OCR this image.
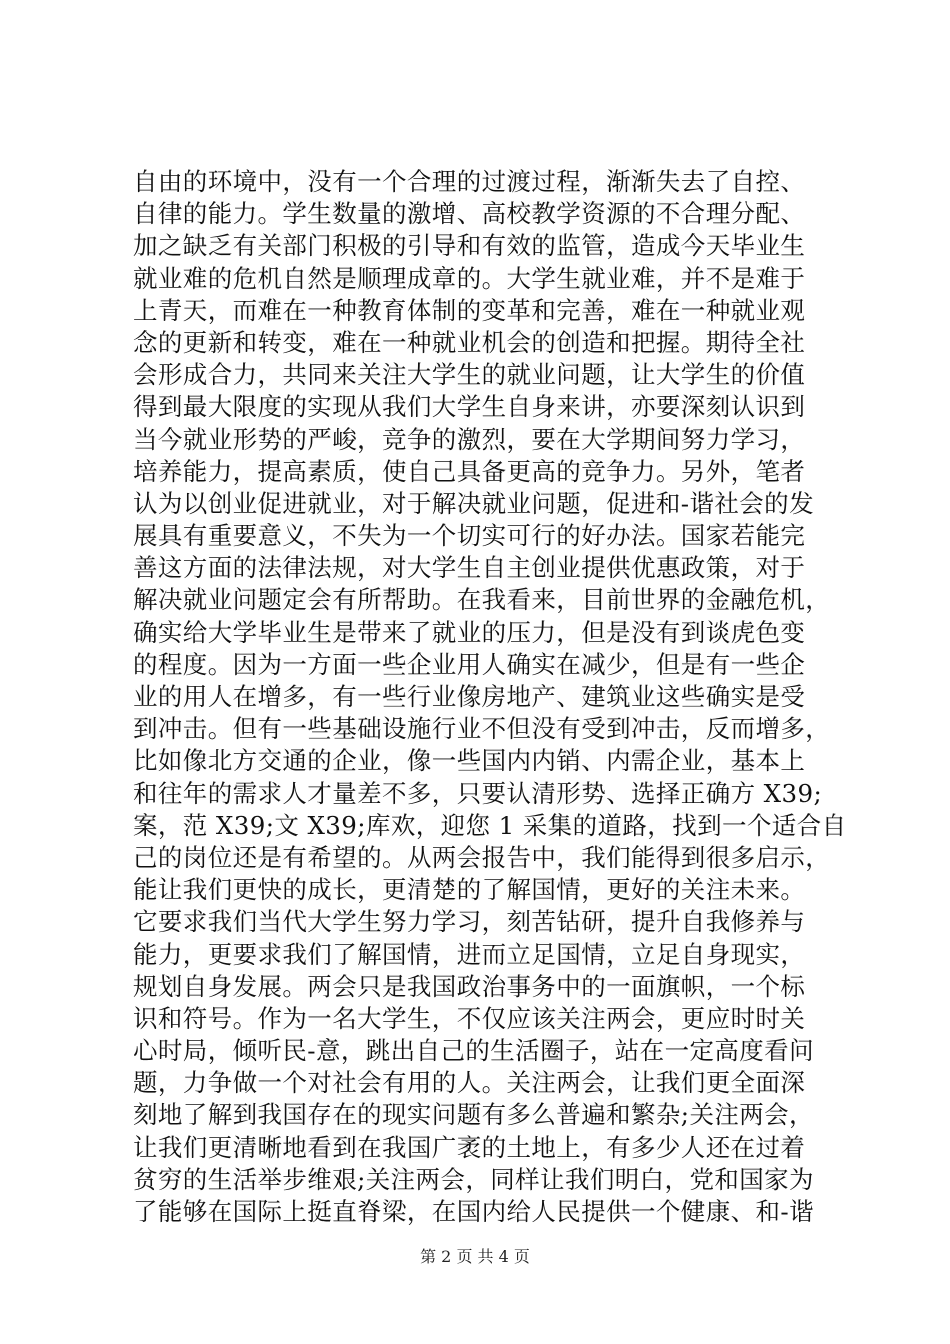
自由的环境中，没有一个合理的过渡过程，渐渐失去了自控、
自律的能力。学生数量的激增、高校教学资源的不合理分配、
加之缺乏有关部门积极的引导和有效的监管，造成今天毕业生
就业难的危机自然是顺理成章的。大学生就业难，并不是难于
上青天，而难在一种教育体制的变革和完善，难在一种就业观
念的更新和转变，难在一种就业机会的创造和把握。期待全社
会形成合力，共同来关注大学生的就业问题，让大学生的价值
得到最大限度的实现从我们大学生自身来讲，亦要深刻认识到
当今就业形势的严峻，竞争的激烈，要在大学期间努力学习，
培养能力，提高素质，使自己具备更高的竞争力。另外，笔者
认为以创业促进就业，对于解决就业问题，促进和-谐社会的发
展具有重要意义，不失为一个切实可行的好办法。国家若能完
善这方面的法律法规，对大学生自主创业提供优惠政策，对于
解决就业问题定会有所帮助。在我看来，目前世界的金融危机，
确实给大学毕业生是带来了就业的压力，但是没有到谈虎色变
的程度。因为一方面一些企业用人确实在减少，但是有一些企
业的用人在增多，有一些行业像房地产、建筑业这些确实是受
到冲击。但有一些基础设施行业不但没有受到冲击，反而增多，
比如像北方交通的企业，像一些国内内销、内需企业，基本上
和往年的需求人才量差不多，只要认清形势、选择正确方 X39;
案，范 X39;文 X39;库欢，迎您 1 采集的道路，找到一个适合自
己的岗位还是有希望的。从两会报告中，我们能得到很多启示，
能让我们更快的成长，更清楚的了解国情，更好的关注未来。
它要求我们当代大学生努力学习，刻苦钻研，提升自我修养与
能力，更要求我们了解国情，进而立足国情，立足自身现实，
规划自身发展。两会只是我国政治事务中的一面旗帜，一个标
识和符号。作为一名大学生，不仅应该关注两会，更应时时关
心时局，倾听民-意，跳出自己的生活圈子，站在一定高度看问
题，力争做一个对社会有用的人。关注两会，让我们更全面深
刻地了解到我国存在的现实问题有多么普遍和繁杂;关注两会，
让我们更清晰地看到在我国广袤的土地上，有多少人还在过着
贫穷的生活举步维艰;关注两会，同样让我们明白，党和国家为
了能够在国际上挺直脊梁，在国内给人民提供一个健康、和-谐
第 2 页 共 4 页
